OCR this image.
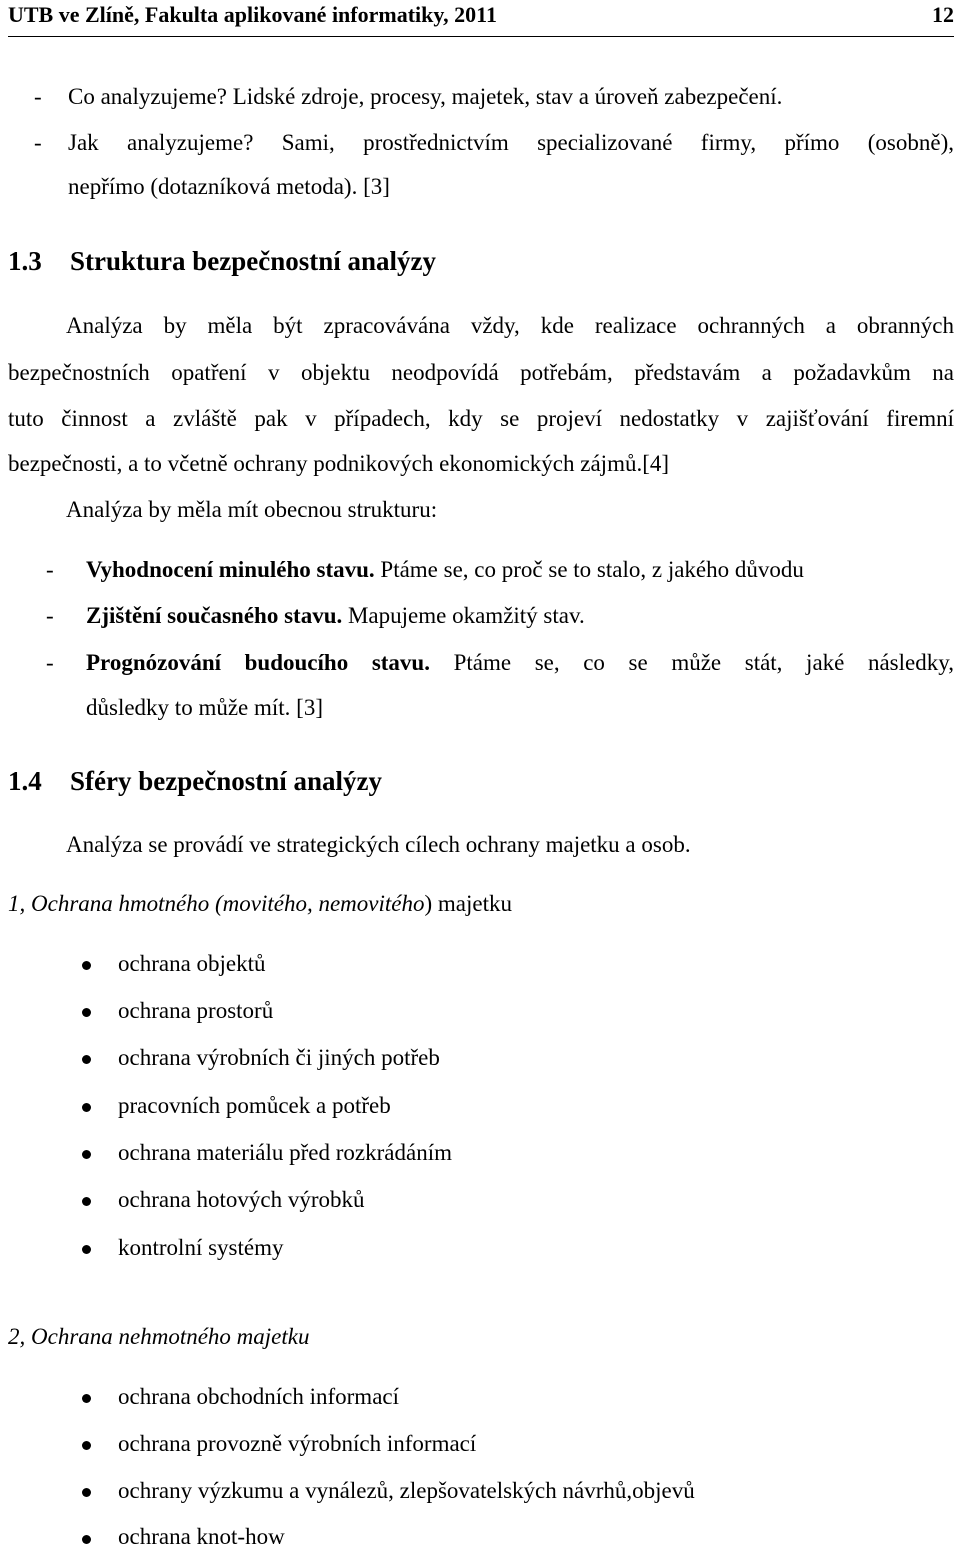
UTB ve Zlíně, Fakulta aplikované informatiky, 2011	12
- Co analyzujeme? Lidské zdroje, procesy, majetek, stav a úroveň zabezpečení.
- Jak analyzujeme? Sami, prostřednictvím specializované firmy, přímo (osobně),
nepřímo (dotazníková metoda). [3]
1.3 Struktura bezpečnostní analýzy
Analýza by měla být zpracovávána vždy, kde realizace ochranných a obranných
bezpečnostních opatření v objektu neodpovídá potřebám, představám a požadavkům na
tuto činnost a zvláště pak v případech, kdy se projeví nedostatky v zajišťování firemní
bezpečnosti, a to včetně ochrany podnikových ekonomických zájmů.[4]
Analýza by měla mít obecnou strukturu:
- Vyhodnocení minulého stavu. Ptáme se, co proč se to stalo, z jakého důvodu
- Zjištění současného stavu. Mapujeme okamžitý stav.
- Prognózování budoucího stavu. Ptáme se, co se může stát, jaké následky,
důsledky to může mít. [3]
1.4 Sféry bezpečnostní analýzy
Analýza se provádí ve strategických cílech ochrany majetku a osob.
1, Ochrana hmotného (movitého, nemovitého) majetku
ochrana objektů
ochrana prostorů
ochrana výrobních či jiných potřeb
pracovních pomůcek a potřeb
ochrana materiálu před rozkrádáním
ochrana hotových výrobků
kontrolní systémy
2, Ochrana nehmotného majetku
ochrana obchodních informací
ochrana provozně výrobních informací
ochrany výzkumu a vynálezů, zlepšovatelských návrhů,objevů
ochrana knot-how
